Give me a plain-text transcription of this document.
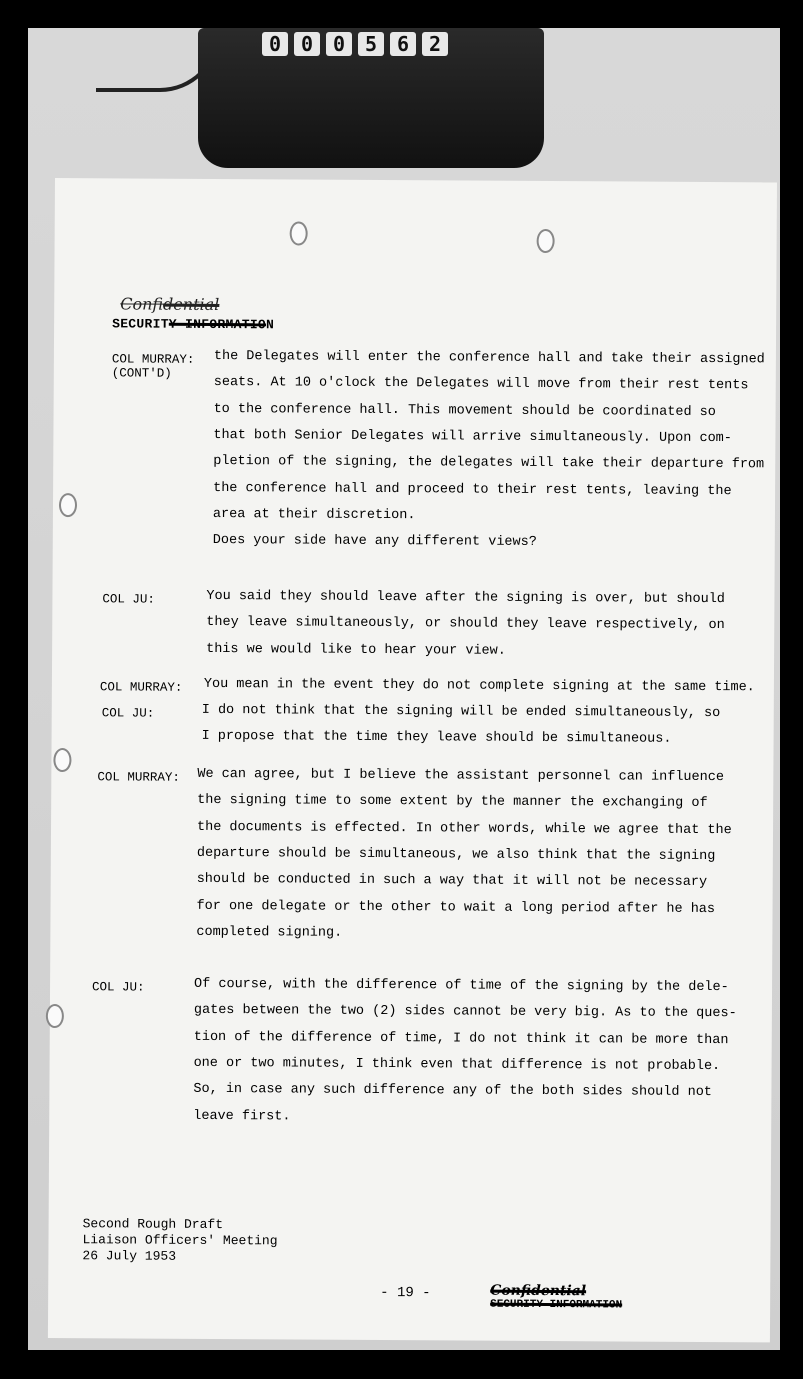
0 0 0 5 6 2
Confidential
SECURITY INFORMATION
COL MURRAY:
(CONT'D)
the Delegates will enter the conference hall and take their assigned
seats. At 10 o'clock the Delegates will move from their rest tents
to the conference hall. This movement should be coordinated so
that both Senior Delegates will arrive simultaneously. Upon com-
pletion of the signing, the delegates will take their departure from
the conference hall and proceed to their rest tents, leaving the
area at their discretion.
Does your side have any different views?
COL JU:	You said they should leave after the signing is over, but should
they leave simultaneously, or should they leave respectively, on
this we would like to hear your view.
COL MURRAY:	You mean in the event they do not complete signing at the same time.
COL JU:	I do not think that the signing will be ended simultaneously, so
I propose that the time they leave should be simultaneous.
COL MURRAY:	We can agree, but I believe the assistant personnel can influence
the signing time to some extent by the manner the exchanging of
the documents is effected. In other words, while we agree that the
departure should be simultaneous, we also think that the signing
should be conducted in such a way that it will not be necessary
for one delegate or the other to wait a long period after he has
completed signing.
COL JU:	Of course, with the difference of time of the signing by the dele-
gates between the two (2) sides cannot be very big. As to the ques-
tion of the difference of time, I do not think it can be more than
one or two minutes, I think even that difference is not probable.
So, in case any such difference any of the both sides should not
leave first.
Second Rough Draft
Liaison Officers' Meeting
26 July 1953
- 19 -	Confidential
SECURITY INFORMATION
